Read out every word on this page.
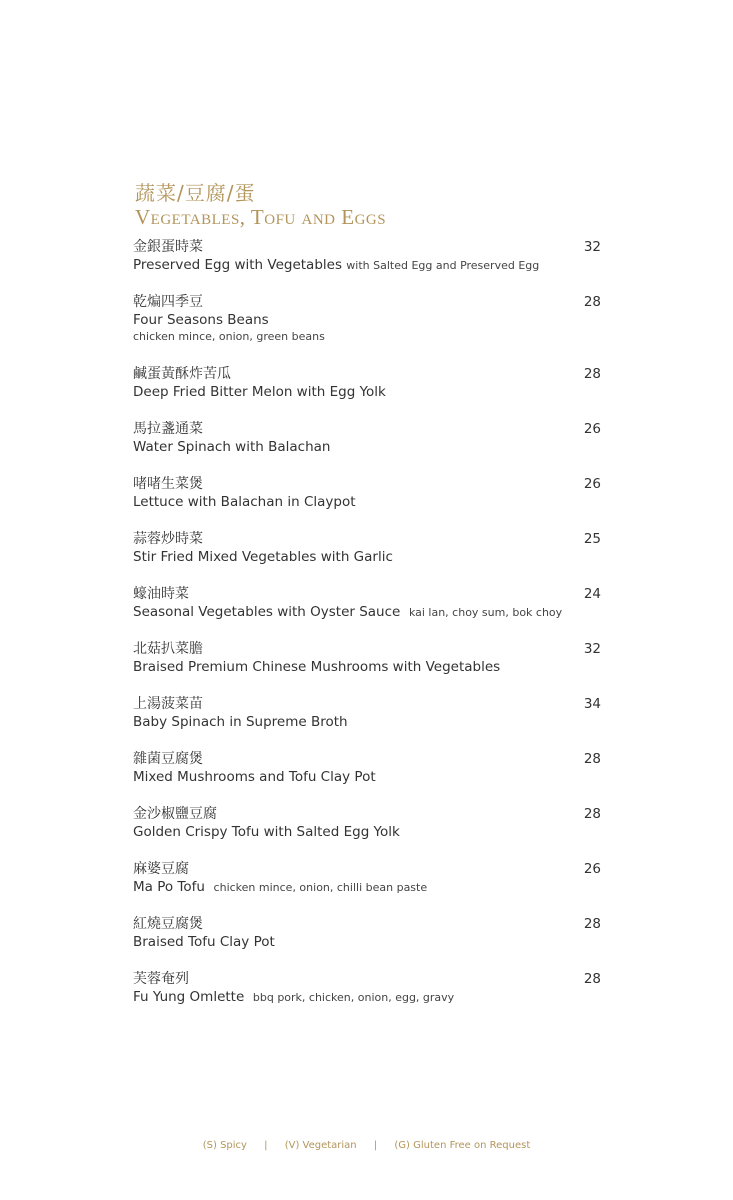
蔬菜/豆腐/蛋
Vegetables, Tofu and Eggs
金銀蛋時菜
Preserved Egg with Vegetables with Salted Egg and Preserved Egg
32
乾煸四季豆
Four Seasons Beans
chicken mince, onion, green beans
28
鹹蛋黃酥炸苦瓜
Deep Fried Bitter Melon with Egg Yolk
28
馬拉盞通菜
Water Spinach with Balachan
26
啫啫生菜煲
Lettuce with Balachan in Claypot
26
蒜蓉炒時菜
Stir Fried Mixed Vegetables with Garlic
25
蠔油時菜
Seasonal Vegetables with Oyster Sauce kai lan, choy sum, bok choy
24
北菇扒菜膽
Braised Premium Chinese Mushrooms with Vegetables
32
上湯菠菜苗
Baby Spinach in Supreme Broth
34
雜菌豆腐煲
Mixed Mushrooms and Tofu Clay Pot
28
金沙椒鹽豆腐
Golden Crispy Tofu with Salted Egg Yolk
28
麻婆豆腐
Ma Po Tofu chicken mince, onion, chilli bean paste
26
紅燒豆腐煲
Braised Tofu Clay Pot
28
芙蓉奄列
Fu Yung Omlette bbq pork, chicken, onion, egg, gravy
28
(S) Spicy | (V) Vegetarian | (G) Gluten Free on Request
